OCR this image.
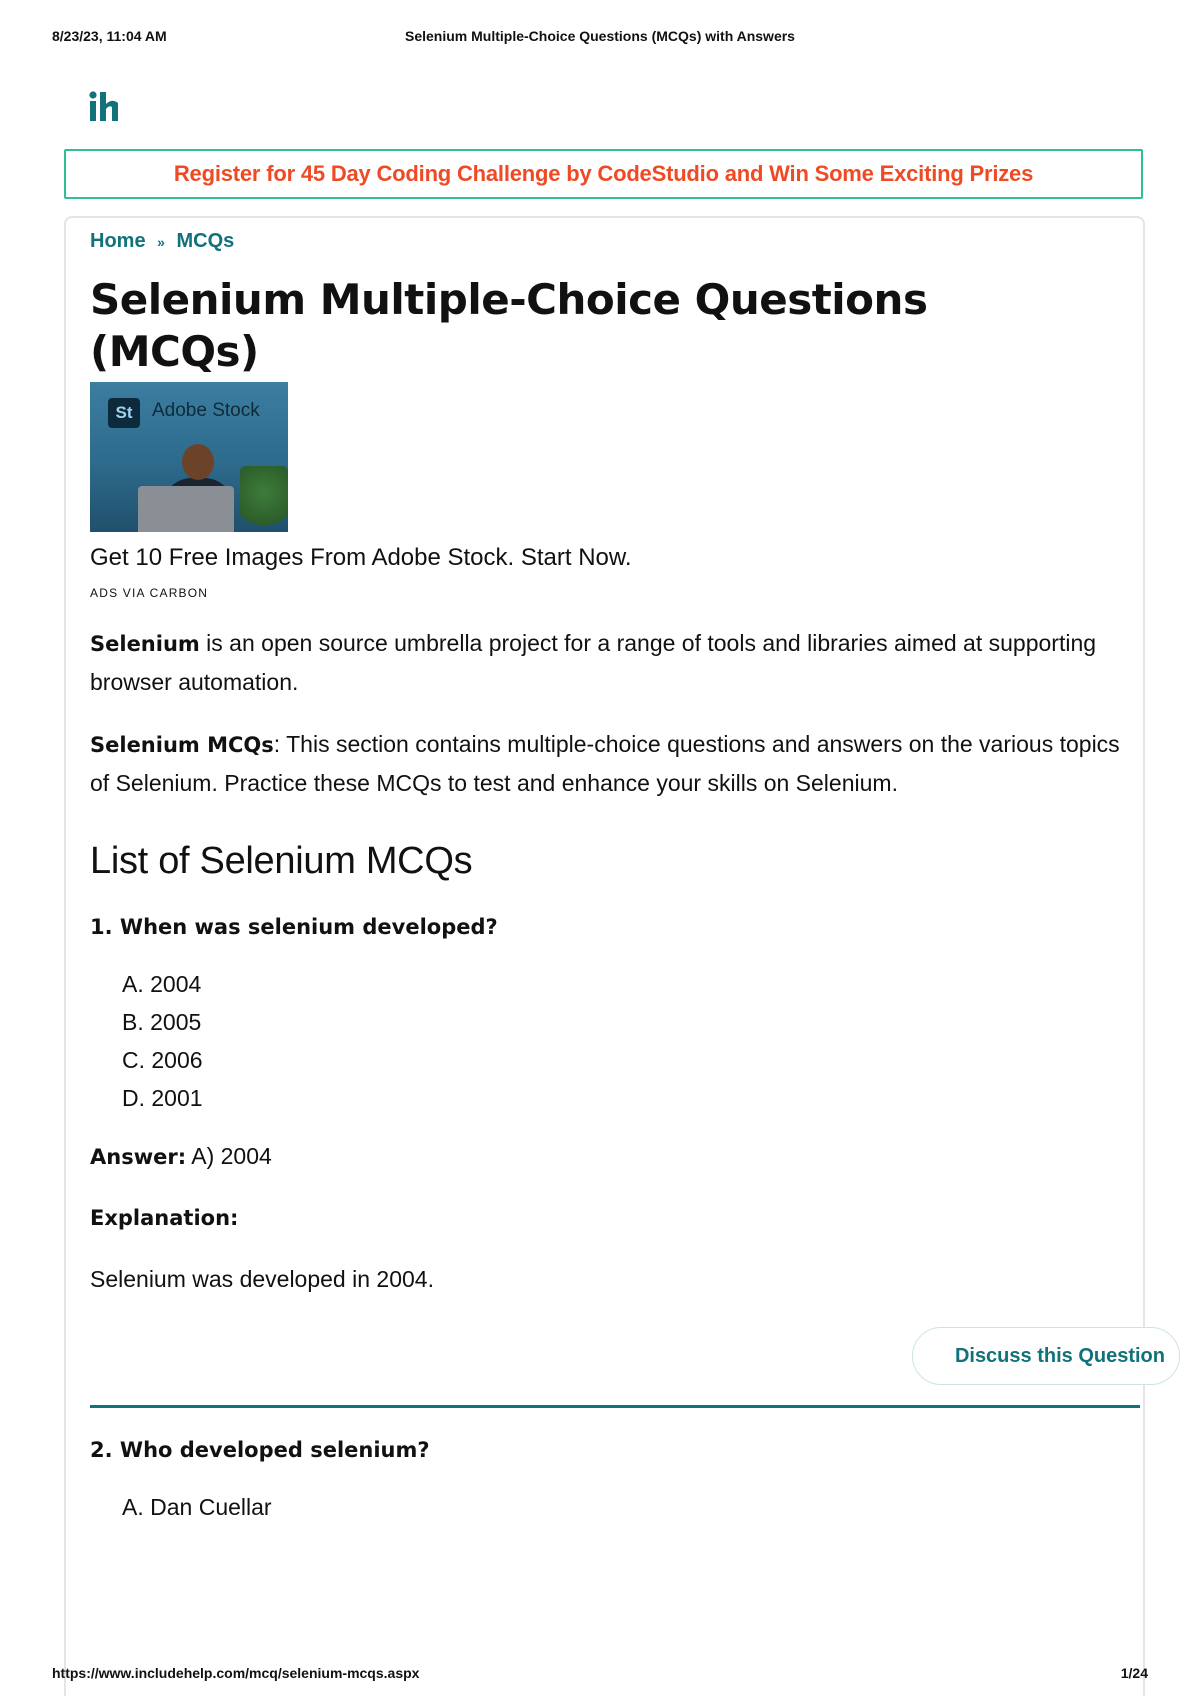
8/23/23, 11:04 AM	Selenium Multiple-Choice Questions (MCQs) with Answers
Register for 45 Day Coding Challenge by CodeStudio and Win Some Exciting Prizes
Home » MCQs
Selenium Multiple-Choice Questions (MCQs)
St	Adobe Stock
Get 10 Free Images From Adobe Stock. Start Now.
ADS VIA CARBON

Selenium is an open source umbrella project for a range of tools and libraries aimed at supporting browser automation.

Selenium MCQs: This section contains multiple-choice questions and answers on the various topics of Selenium. Practice these MCQs to test and enhance your skills on Selenium.

List of Selenium MCQs
1. When was selenium developed?
A. 2004
B. 2005
C. 2006
D. 2001
Answer: A) 2004
Explanation:
Selenium was developed in 2004.
Discuss this Question
2. Who developed selenium?
A. Dan Cuellar
https://www.includehelp.com/mcq/selenium-mcqs.aspx	1/24
